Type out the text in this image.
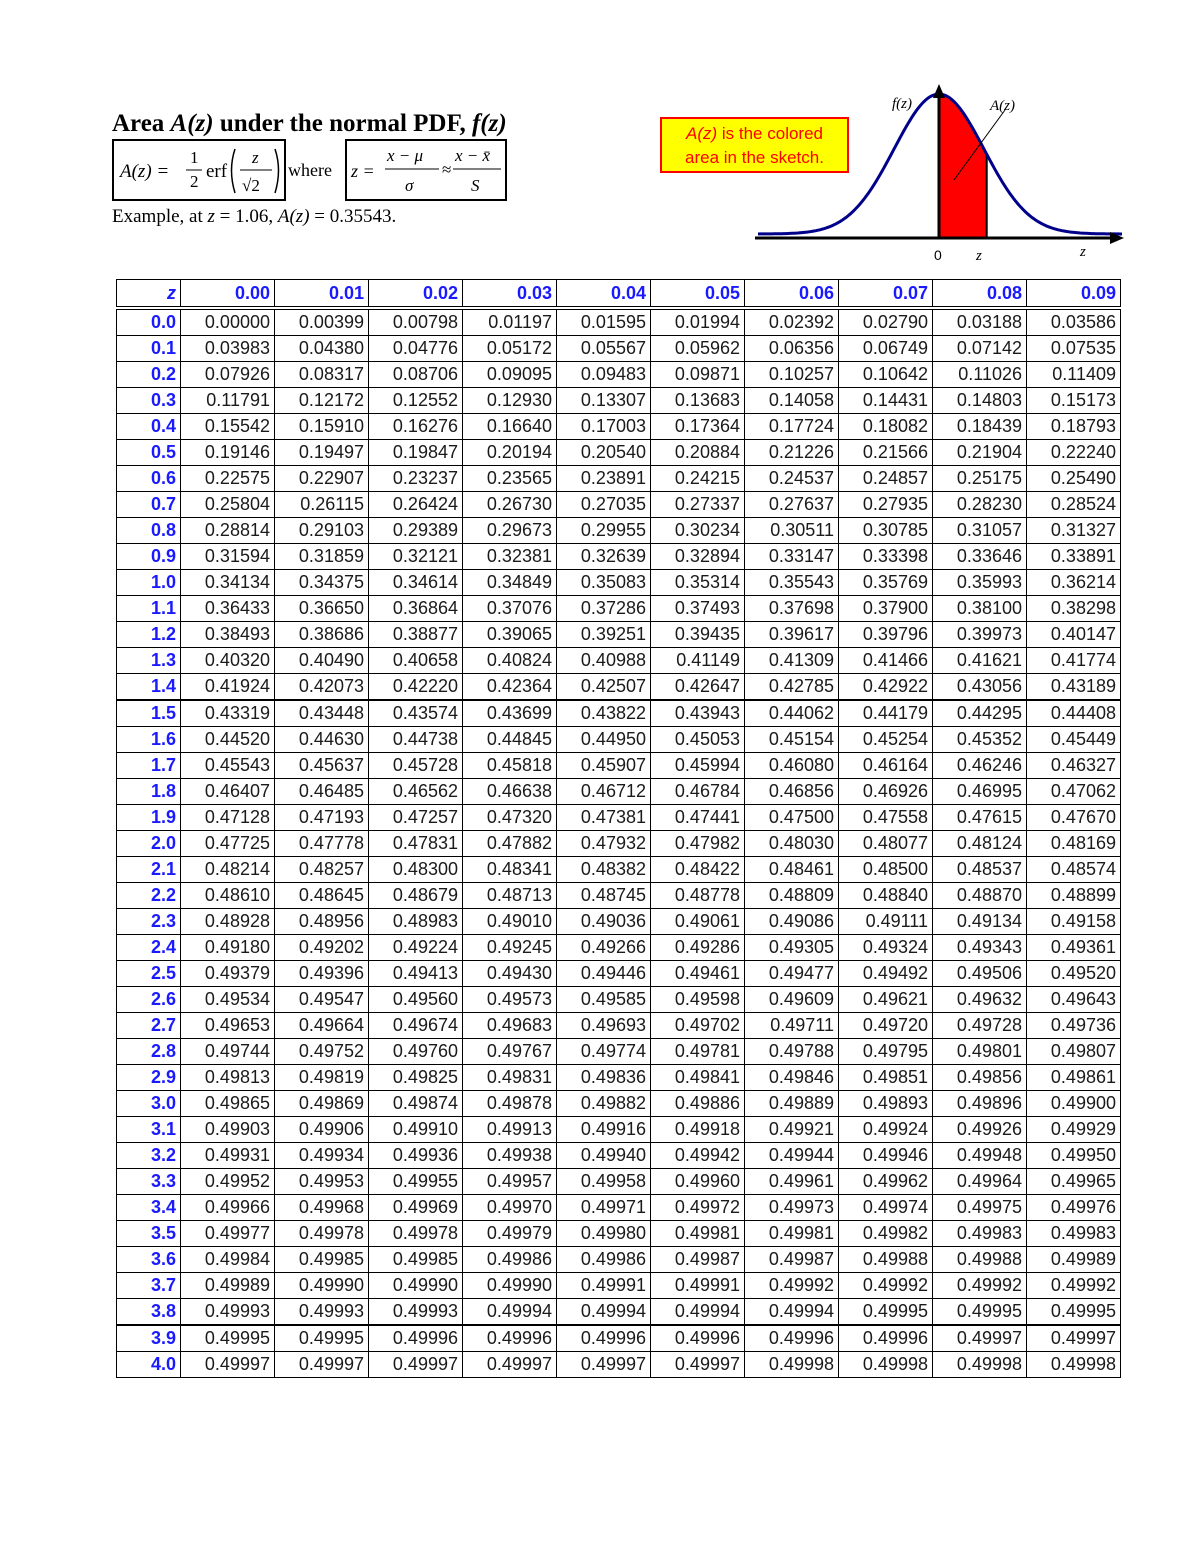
Area A(z) under the normal PDF, f(z)
A(z) =
1
2 erf
z
√2
where z =
x − μ
σ
≈
x − x̄
S
Example, at z = 1.06, A(z) = 0.35543.
A(z) is the colored
area in the sketch.
f(z)	A(z)
0 z	z
z	0.00	0.01	0.02	0.03	0.04	0.05	0.06	0.07	0.08	0.09
0.0	0.00000	0.00399	0.00798	0.01197	0.01595	0.01994	0.02392	0.02790	0.03188	0.03586
0.1	0.03983	0.04380	0.04776	0.05172	0.05567	0.05962	0.06356	0.06749	0.07142	0.07535
0.2	0.07926	0.08317	0.08706	0.09095	0.09483	0.09871	0.10257	0.10642	0.11026	0.11409
0.3	0.11791	0.12172	0.12552	0.12930	0.13307	0.13683	0.14058	0.14431	0.14803	0.15173
0.4	0.15542	0.15910	0.16276	0.16640	0.17003	0.17364	0.17724	0.18082	0.18439	0.18793
0.5	0.19146	0.19497	0.19847	0.20194	0.20540	0.20884	0.21226	0.21566	0.21904	0.22240
0.6	0.22575	0.22907	0.23237	0.23565	0.23891	0.24215	0.24537	0.24857	0.25175	0.25490
0.7	0.25804	0.26115	0.26424	0.26730	0.27035	0.27337	0.27637	0.27935	0.28230	0.28524
0.8	0.28814	0.29103	0.29389	0.29673	0.29955	0.30234	0.30511	0.30785	0.31057	0.31327
0.9	0.31594	0.31859	0.32121	0.32381	0.32639	0.32894	0.33147	0.33398	0.33646	0.33891
1.0	0.34134	0.34375	0.34614	0.34849	0.35083	0.35314	0.35543	0.35769	0.35993	0.36214
1.1	0.36433	0.36650	0.36864	0.37076	0.37286	0.37493	0.37698	0.37900	0.38100	0.38298
1.2	0.38493	0.38686	0.38877	0.39065	0.39251	0.39435	0.39617	0.39796	0.39973	0.40147
1.3	0.40320	0.40490	0.40658	0.40824	0.40988	0.41149	0.41309	0.41466	0.41621	0.41774
1.4	0.41924	0.42073	0.42220	0.42364	0.42507	0.42647	0.42785	0.42922	0.43056	0.43189
1.5	0.43319	0.43448	0.43574	0.43699	0.43822	0.43943	0.44062	0.44179	0.44295	0.44408
1.6	0.44520	0.44630	0.44738	0.44845	0.44950	0.45053	0.45154	0.45254	0.45352	0.45449
1.7	0.45543	0.45637	0.45728	0.45818	0.45907	0.45994	0.46080	0.46164	0.46246	0.46327
1.8	0.46407	0.46485	0.46562	0.46638	0.46712	0.46784	0.46856	0.46926	0.46995	0.47062
1.9	0.47128	0.47193	0.47257	0.47320	0.47381	0.47441	0.47500	0.47558	0.47615	0.47670
2.0	0.47725	0.47778	0.47831	0.47882	0.47932	0.47982	0.48030	0.48077	0.48124	0.48169
2.1	0.48214	0.48257	0.48300	0.48341	0.48382	0.48422	0.48461	0.48500	0.48537	0.48574
2.2	0.48610	0.48645	0.48679	0.48713	0.48745	0.48778	0.48809	0.48840	0.48870	0.48899
2.3	0.48928	0.48956	0.48983	0.49010	0.49036	0.49061	0.49086	0.49111	0.49134	0.49158
2.4	0.49180	0.49202	0.49224	0.49245	0.49266	0.49286	0.49305	0.49324	0.49343	0.49361
2.5	0.49379	0.49396	0.49413	0.49430	0.49446	0.49461	0.49477	0.49492	0.49506	0.49520
2.6	0.49534	0.49547	0.49560	0.49573	0.49585	0.49598	0.49609	0.49621	0.49632	0.49643
2.7	0.49653	0.49664	0.49674	0.49683	0.49693	0.49702	0.49711	0.49720	0.49728	0.49736
2.8	0.49744	0.49752	0.49760	0.49767	0.49774	0.49781	0.49788	0.49795	0.49801	0.49807
2.9	0.49813	0.49819	0.49825	0.49831	0.49836	0.49841	0.49846	0.49851	0.49856	0.49861
3.0	0.49865	0.49869	0.49874	0.49878	0.49882	0.49886	0.49889	0.49893	0.49896	0.49900
3.1	0.49903	0.49906	0.49910	0.49913	0.49916	0.49918	0.49921	0.49924	0.49926	0.49929
3.2	0.49931	0.49934	0.49936	0.49938	0.49940	0.49942	0.49944	0.49946	0.49948	0.49950
3.3	0.49952	0.49953	0.49955	0.49957	0.49958	0.49960	0.49961	0.49962	0.49964	0.49965
3.4	0.49966	0.49968	0.49969	0.49970	0.49971	0.49972	0.49973	0.49974	0.49975	0.49976
3.5	0.49977	0.49978	0.49978	0.49979	0.49980	0.49981	0.49981	0.49982	0.49983	0.49983
3.6	0.49984	0.49985	0.49985	0.49986	0.49986	0.49987	0.49987	0.49988	0.49988	0.49989
3.7	0.49989	0.49990	0.49990	0.49990	0.49991	0.49991	0.49992	0.49992	0.49992	0.49992
3.8	0.49993	0.49993	0.49993	0.49994	0.49994	0.49994	0.49994	0.49995	0.49995	0.49995
3.9	0.49995	0.49995	0.49996	0.49996	0.49996	0.49996	0.49996	0.49996	0.49997	0.49997
4.0	0.49997	0.49997	0.49997	0.49997	0.49997	0.49997	0.49998	0.49998	0.49998	0.49998
